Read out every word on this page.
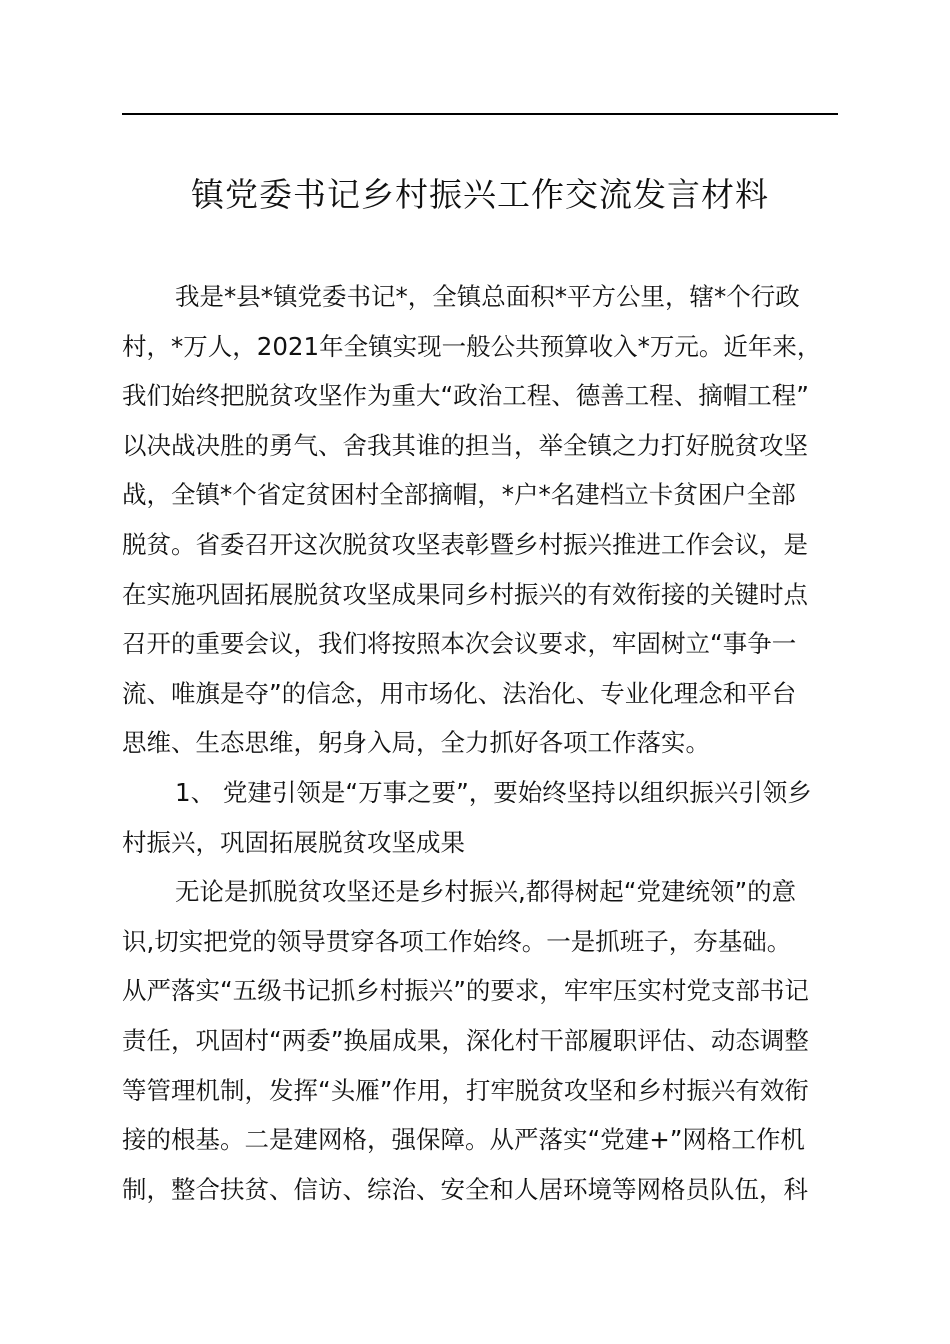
镇党委书记乡村振兴工作交流发言材料
我是*县*镇党委书记*，全镇总面积*平方公里，辖*个行政
村，*万人，2021年全镇实现一般公共预算收入*万元。近年来，
我们始终把脱贫攻坚作为重大“政治工程、德善工程、摘帽工程”
以决战决胜的勇气、舍我其谁的担当，举全镇之力打好脱贫攻坚
战，全镇*个省定贫困村全部摘帽，*户*名建档立卡贫困户全部
脱贫。省委召开这次脱贫攻坚表彰暨乡村振兴推进工作会议，是
在实施巩固拓展脱贫攻坚成果同乡村振兴的有效衔接的关键时点
召开的重要会议，我们将按照本次会议要求，牢固树立“事争一
流、唯旗是夺”的信念，用市场化、法治化、专业化理念和平台
思维、生态思维，躬身入局，全力抓好各项工作落实。
1、 党建引领是“万事之要”，要始终坚持以组织振兴引领乡
村振兴，巩固拓展脱贫攻坚成果
无论是抓脱贫攻坚还是乡村振兴,都得树起“党建统领”的意
识,切实把党的领导贯穿各项工作始终。一是抓班子，夯基础。
从严落实“五级书记抓乡村振兴”的要求，牢牢压实村党支部书记
责任，巩固村“两委”换届成果，深化村干部履职评估、动态调整
等管理机制，发挥“头雁”作用，打牢脱贫攻坚和乡村振兴有效衔
接的根基。二是建网格，强保障。从严落实“党建+”网格工作机
制，整合扶贫、信访、综治、安全和人居环境等网格员队伍，科
